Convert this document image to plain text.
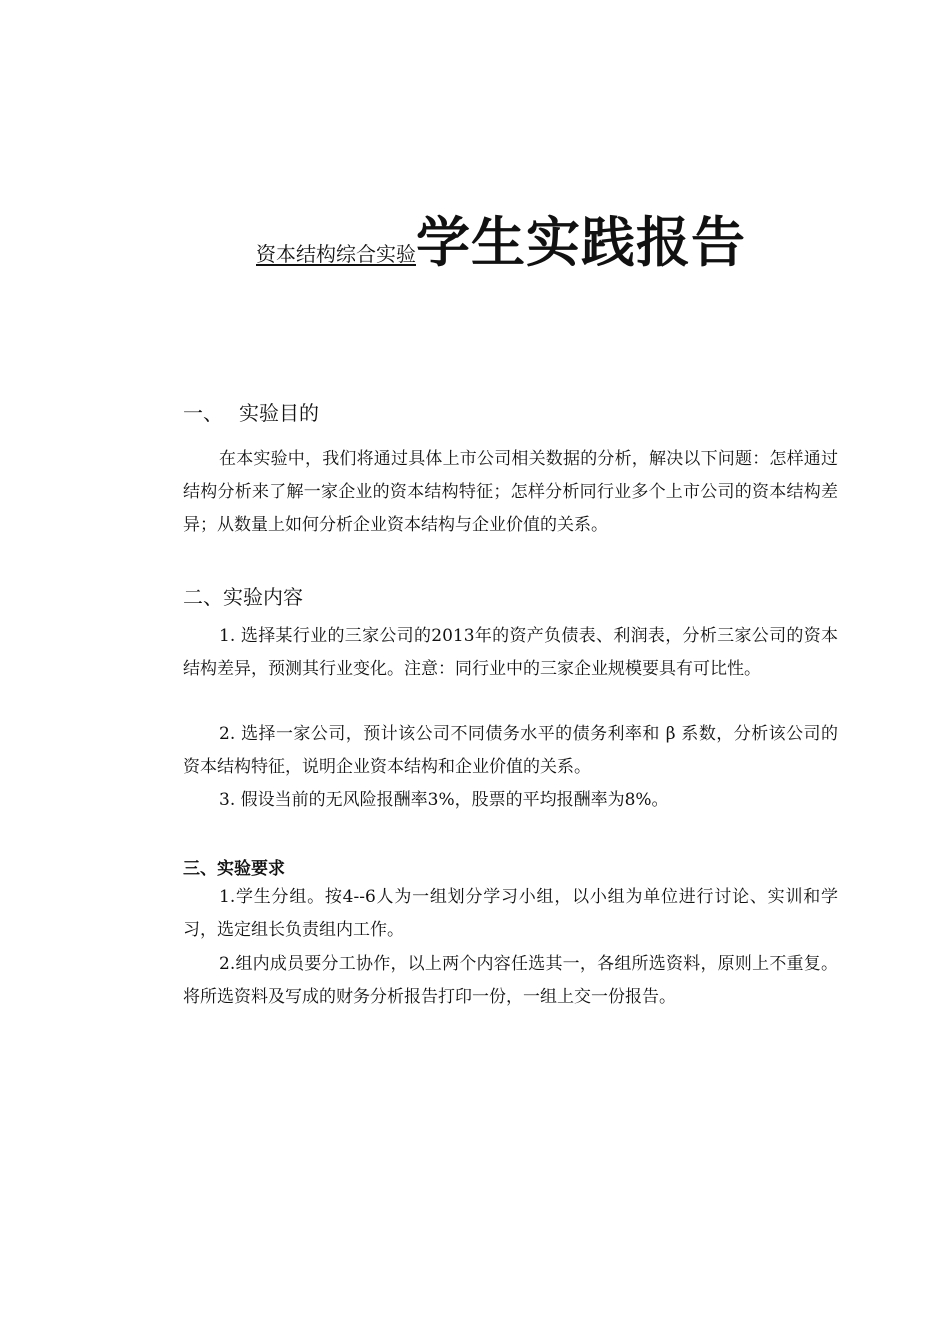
资本结构综合实验 学生实践报告
一、 实验目的
在本实验中，我们将通过具体上市公司相关数据的分析，解决以下问题：怎样通过结构分析来了解一家企业的资本结构特征；怎样分析同行业多个上市公司的资本结构差异；从数量上如何分析企业资本结构与企业价值的关系。
二、实验内容
1. 选择某行业的三家公司的2013年的资产负债表、利润表，分析三家公司的资本结构差异，预测其行业变化。注意：同行业中的三家企业规模要具有可比性。
2. 选择一家公司，预计该公司不同债务水平的债务利率和 β 系数，分析该公司的资本结构特征，说明企业资本结构和企业价值的关系。
3. 假设当前的无风险报酬率3%，股票的平均报酬率为8%。
三、实验要求
1.学生分组。按4--6人为一组划分学习小组，以小组为单位进行讨论、实训和学习，选定组长负责组内工作。
2.组内成员要分工协作，以上两个内容任选其一，各组所选资料，原则上不重复。将所选资料及写成的财务分析报告打印一份，一组上交一份报告。
